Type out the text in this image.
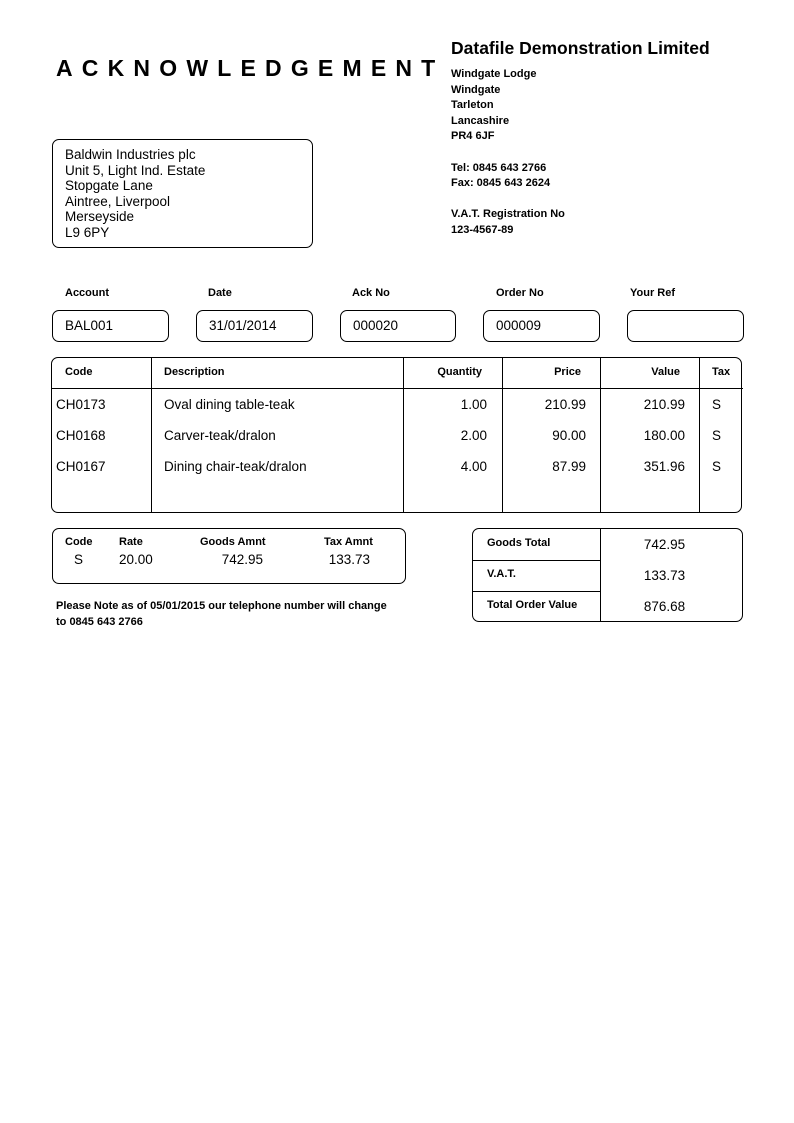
ACKNOWLEDGEMENT
Datafile Demonstration Limited
Windgate Lodge
Windgate
Tarleton
Lancashire
PR4 6JF
Tel: 0845 643 2766
Fax: 0845 643 2624
V.A.T. Registration No
123-4567-89
Baldwin Industries plc
Unit 5, Light Ind. Estate
Stopgate Lane
Aintree, Liverpool
Merseyside
L9 6PY
Account
BAL001
Date
31/01/2014
Ack No
000020
Order No
000009
Your Ref
Code	Description	Quantity	Price	Value	Tax
CH0173	Oval dining table-teak	1.00	210.99	210.99 S
CH0168	Carver-teak/dralon	2.00	90.00	180.00 S
CH0167	Dining chair-teak/dralon	4.00	87.99	351.96 S
Code Rate	Goods Amnt	Tax Amnt
S	20.00	742.95	133.73
Please Note as of 05/01/2015 our telephone number will change
to 0845 643 2766
Goods Total	742.95
V.A.T.	133.73
Total Order Value	876.68
